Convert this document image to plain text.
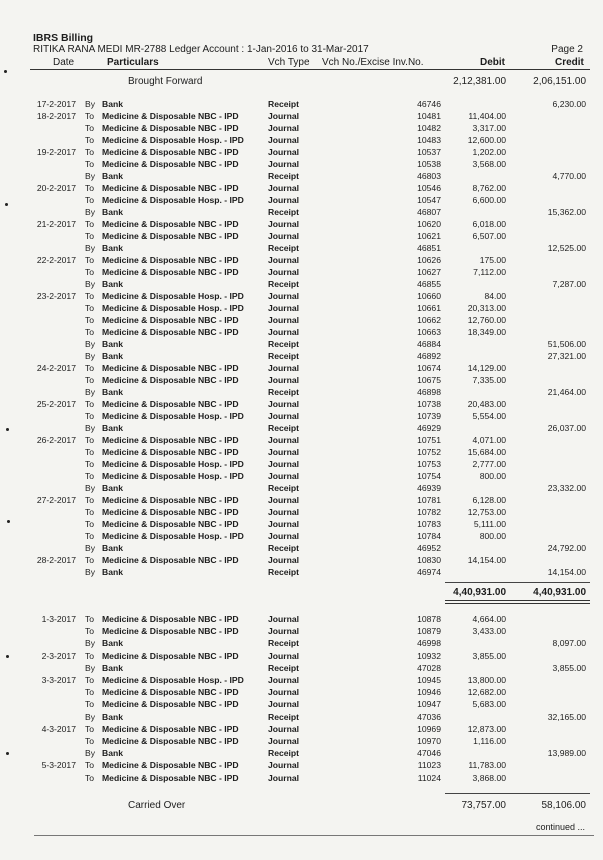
IBRS Billing
RITIKA RANA MEDI MR-2788 Ledger Account : 1-Jan-2016 to 31-Mar-2017	Page 2
Date	Particulars	Vch Type Vch No./Excise Inv.No.	Debit	Credit
Brought Forward	2,12,381.00	2,06,151.00
17-2-2017 By Bank	Receipt	46746	6,230.00
18-2-2017 To Medicine & Disposable NBC - IPD	Journal	10481	11,404.00
To Medicine & Disposable NBC - IPD	Journal	10482	3,317.00
To Medicine & Disposable Hosp. - IPD	Journal	10483	12,600.00
19-2-2017 To Medicine & Disposable NBC - IPD	Journal	10537	1,202.00
To Medicine & Disposable NBC - IPD	Journal	10538	3,568.00
By Bank	Receipt	46803	4,770.00
20-2-2017 To Medicine & Disposable NBC - IPD	Journal	10546	8,762.00
To Medicine & Disposable Hosp. - IPD	Journal	10547	6,600.00
By Bank	Receipt	46807	15,362.00
21-2-2017 To Medicine & Disposable NBC - IPD	Journal	10620	6,018.00
To Medicine & Disposable NBC - IPD	Journal	10621	6,507.00
By Bank	Receipt	46851	12,525.00
22-2-2017 To Medicine & Disposable NBC - IPD	Journal	10626	175.00
To Medicine & Disposable NBC - IPD	Journal	10627	7,112.00
By Bank	Receipt	46855	7,287.00
23-2-2017 To Medicine & Disposable Hosp. - IPD	Journal	10660	84.00
To Medicine & Disposable Hosp. - IPD	Journal	10661	20,313.00
To Medicine & Disposable NBC - IPD	Journal	10662	12,760.00
To Medicine & Disposable NBC - IPD	Journal	10663	18,349.00
By Bank	Receipt	46884	51,506.00
By Bank	Receipt	46892	27,321.00
24-2-2017 To Medicine & Disposable NBC - IPD	Journal	10674	14,129.00
To Medicine & Disposable NBC - IPD	Journal	10675	7,335.00
By Bank	Receipt	46898	21,464.00
25-2-2017 To Medicine & Disposable NBC - IPD	Journal	10738	20,483.00
To Medicine & Disposable Hosp. - IPD	Journal	10739	5,554.00
By Bank	Receipt	46929	26,037.00
26-2-2017 To Medicine & Disposable NBC - IPD	Journal	10751	4,071.00
To Medicine & Disposable NBC - IPD	Journal	10752	15,684.00
To Medicine & Disposable Hosp. - IPD	Journal	10753	2,777.00
To Medicine & Disposable Hosp. - IPD	Journal	10754	800.00
By Bank	Receipt	46939	23,332.00
27-2-2017 To Medicine & Disposable NBC - IPD	Journal	10781	6,128.00
To Medicine & Disposable NBC - IPD	Journal	10782	12,753.00
To Medicine & Disposable NBC - IPD	Journal	10783	5,111.00
To Medicine & Disposable Hosp. - IPD	Journal	10784	800.00
By Bank	Receipt	46952	24,792.00
28-2-2017 To Medicine & Disposable NBC - IPD	Journal	10830	14,154.00
By Bank	Receipt	46974	14,154.00
4,40,931.00	4,40,931.00
1-3-2017 To Medicine & Disposable NBC - IPD	Journal	10878	4,664.00
To Medicine & Disposable NBC - IPD	Journal	10879	3,433.00
By Bank	Receipt	46998	8,097.00
2-3-2017 To Medicine & Disposable NBC - IPD	Journal	10932	3,855.00
By Bank	Receipt	47028	3,855.00
3-3-2017 To Medicine & Disposable Hosp. - IPD	Journal	10945	13,800.00
To Medicine & Disposable NBC - IPD	Journal	10946	12,682.00
To Medicine & Disposable NBC - IPD	Journal	10947	5,683.00
By Bank	Receipt	47036	32,165.00
4-3-2017 To Medicine & Disposable NBC - IPD	Journal	10969	12,873.00
To Medicine & Disposable NBC - IPD	Journal	10970	1,116.00
By Bank	Receipt	47046	13,989.00
5-3-2017 To Medicine & Disposable NBC - IPD	Journal	11023	11,783.00
To Medicine & Disposable NBC - IPD	Journal	11024	3,868.00
Carried Over	73,757.00	58,106.00
continued ...
